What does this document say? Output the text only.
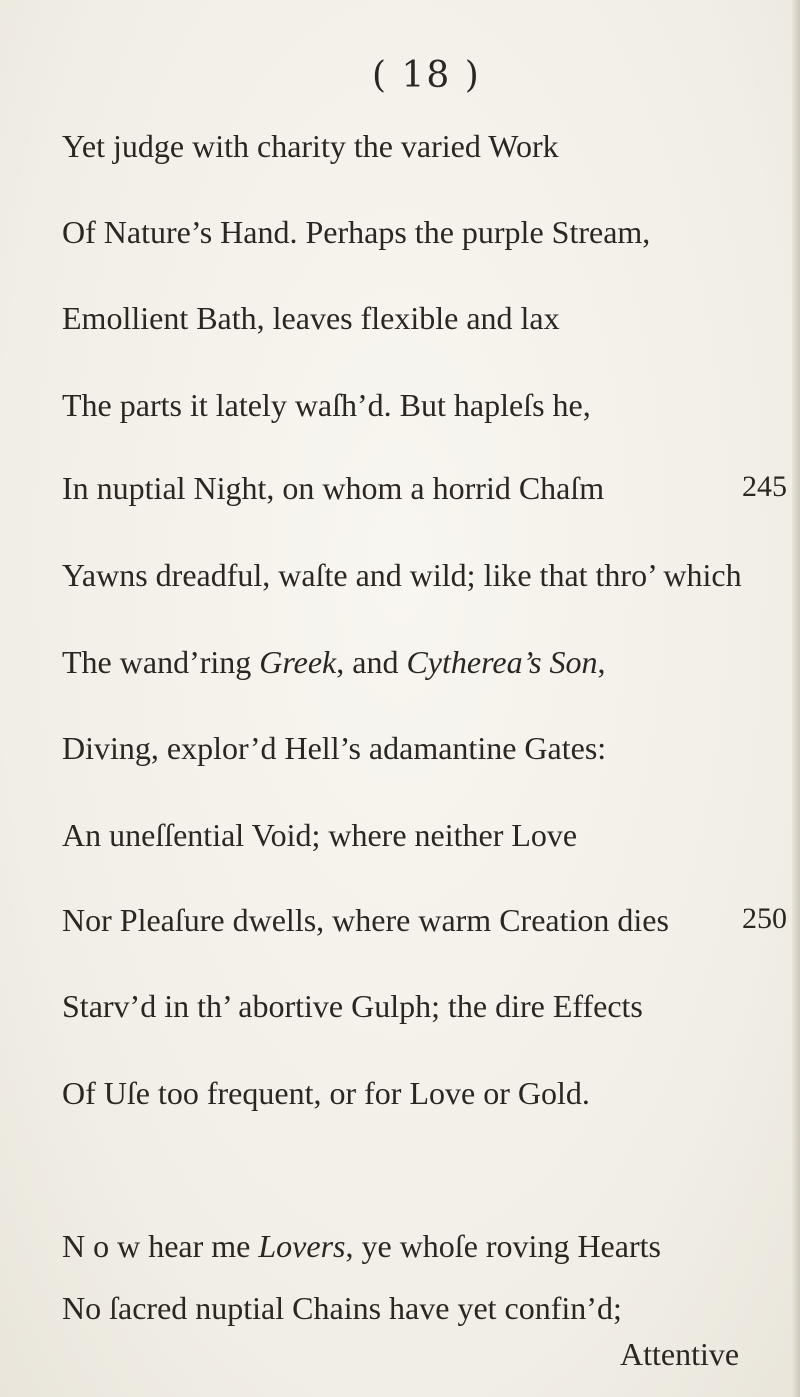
( 18 )
Yet judge with charity the varied Work
Of Nature’s Hand. Perhaps the purple Stream,
Emollient Bath, leaves flexible and lax
The parts it lately waſh’d. But hapleſs he,
In nuptial Night, on whom a horrid Chaſm	245
Yawns dreadful, waſte and wild; like that thro’ which
The wand’ring Greek, and Cytherea’s Son,
Diving, explor’d Hell’s adamantine Gates:
An uneſſential Void; where neither Love
Nor Pleaſure dwells, where warm Creation dies 250
Starv’d in th’ abortive Gulph; the dire Effects
Of Uſe too frequent, or for Love or Gold.
N o w hear me Lovers, ye whoſe roving Hearts
No ſacred nuptial Chains have yet confin’d;
Attentive
